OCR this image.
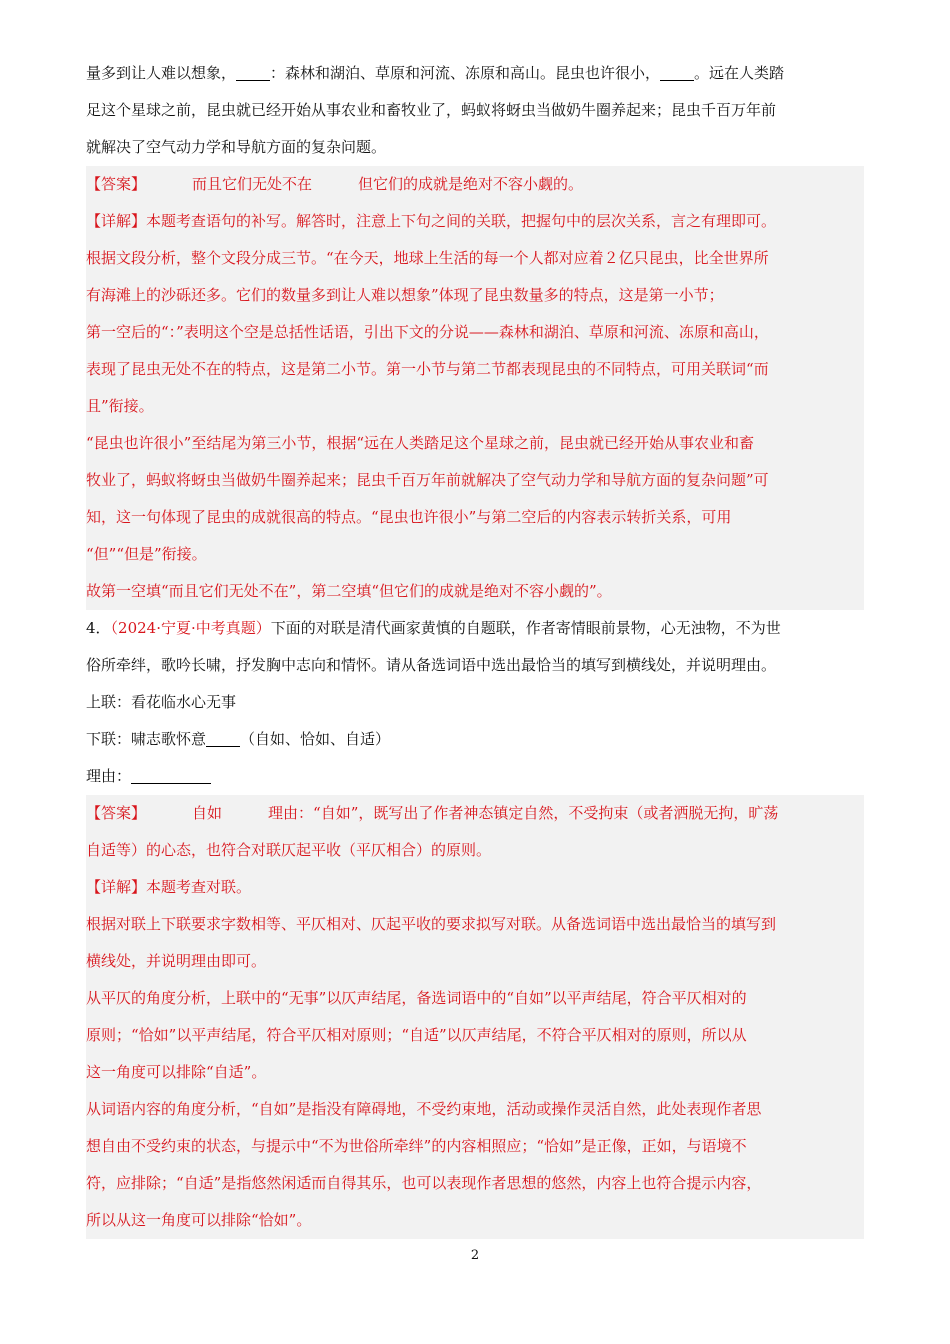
量多到让人难以想象， ：森林和湖泊、草原和河流、冻原和高山。昆虫也许很小， 。远在人类踏
足这个星球之前，昆虫就已经开始从事农业和畜牧业了，蚂蚁将蚜虫当做奶牛圈养起来；昆虫千百万年前
就解决了空气动力学和导航方面的复杂问题。
【答案】	而且它们无处不在	但它们的成就是绝对不容小觑的。
【详解】本题考查语句的补写。解答时，注意上下句之间的关联，把握句中的层次关系，言之有理即可。
根据文段分析，整个文段分成三节。“在今天，地球上生活的每一个人都对应着２亿只昆虫，比全世界所
有海滩上的沙砾还多。它们的数量多到让人难以想象”体现了昆虫数量多的特点，这是第一小节；
第一空后的“：”表明这个空是总括性话语，引出下文的分说——森林和湖泊、草原和河流、冻原和高山，
表现了昆虫无处不在的特点，这是第二小节。第一小节与第二节都表现昆虫的不同特点，可用关联词“而
且”衔接。
“昆虫也许很小”至结尾为第三小节，根据“远在人类踏足这个星球之前，昆虫就已经开始从事农业和畜
牧业了，蚂蚁将蚜虫当做奶牛圈养起来；昆虫千百万年前就解决了空气动力学和导航方面的复杂问题”可
知，这一句体现了昆虫的成就很高的特点。“昆虫也许很小”与第二空后的内容表示转折关系，可用
“但”“但是”衔接。
故第一空填“而且它们无处不在”，第二空填“但它们的成就是绝对不容小觑的”。
4．（2024·宁夏·中考真题）下面的对联是清代画家黄慎的自题联，作者寄情眼前景物，心无浊物，不为世
俗所牵绊，歌吟长啸，抒发胸中志向和情怀。请从备选词语中选出最恰当的填写到横线处，并说明理由。
上联：看花临水心无事
下联：啸志歌怀意 （自如、恰如、自适）
理由：
【答案】	自如	理由：“自如”，既写出了作者神态镇定自然，不受拘束（或者洒脱无拘，旷荡
自适等）的心态，也符合对联仄起平收（平仄相合）的原则。
【详解】本题考查对联。
根据对联上下联要求字数相等、平仄相对、仄起平收的要求拟写对联。从备选词语中选出最恰当的填写到
横线处，并说明理由即可。
从平仄的角度分析，上联中的“无事”以仄声结尾，备选词语中的“自如”以平声结尾，符合平仄相对的
原则；“恰如”以平声结尾，符合平仄相对原则；“自适”以仄声结尾，不符合平仄相对的原则，所以从
这一角度可以排除“自适”。
从词语内容的角度分析，“自如”是指没有障碍地，不受约束地，活动或操作灵活自然，此处表现作者思
想自由不受约束的状态，与提示中“不为世俗所牵绊”的内容相照应；“恰如”是正像，正如，与语境不
符，应排除；“自适”是指悠然闲适而自得其乐，也可以表现作者思想的悠然，内容上也符合提示内容，
所以从这一角度可以排除“恰如”。
2
